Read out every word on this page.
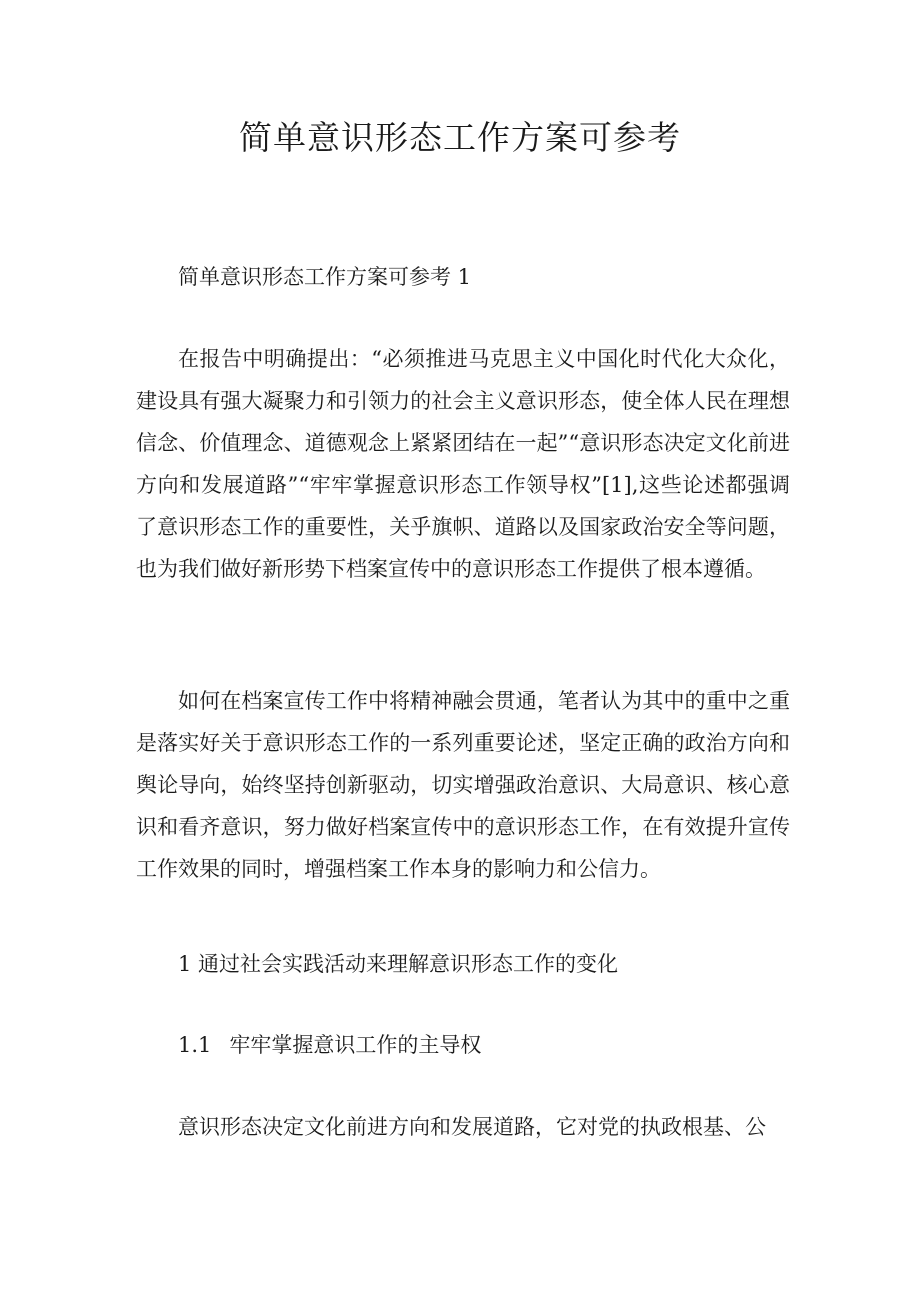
简单意识形态工作方案可参考

简单意识形态工作方案可参考 1

在报告中明确提出：“必须推进马克思主义中国化时代化大众化，建设具有强大凝聚力和引领力的社会主义意识形态，使全体人民在理想信念、价值理念、道德观念上紧紧团结在一起”“意识形态决定文化前进方向和发展道路”“牢牢掌握意识形态工作领导权”[1],这些论述都强调了意识形态工作的重要性，关乎旗帜、道路以及国家政治安全等问题，也为我们做好新形势下档案宣传中的意识形态工作提供了根本遵循。

如何在档案宣传工作中将精神融会贯通，笔者认为其中的重中之重是落实好关于意识形态工作的一系列重要论述，坚定正确的政治方向和舆论导向，始终坚持创新驱动，切实增强政治意识、大局意识、核心意识和看齐意识，努力做好档案宣传中的意识形态工作，在有效提升宣传工作效果的同时，增强档案工作本身的影响力和公信力。

1 通过社会实践活动来理解意识形态工作的变化

1.1 牢牢掌握意识工作的主导权

意识形态决定文化前进方向和发展道路，它对党的执政根基、公
